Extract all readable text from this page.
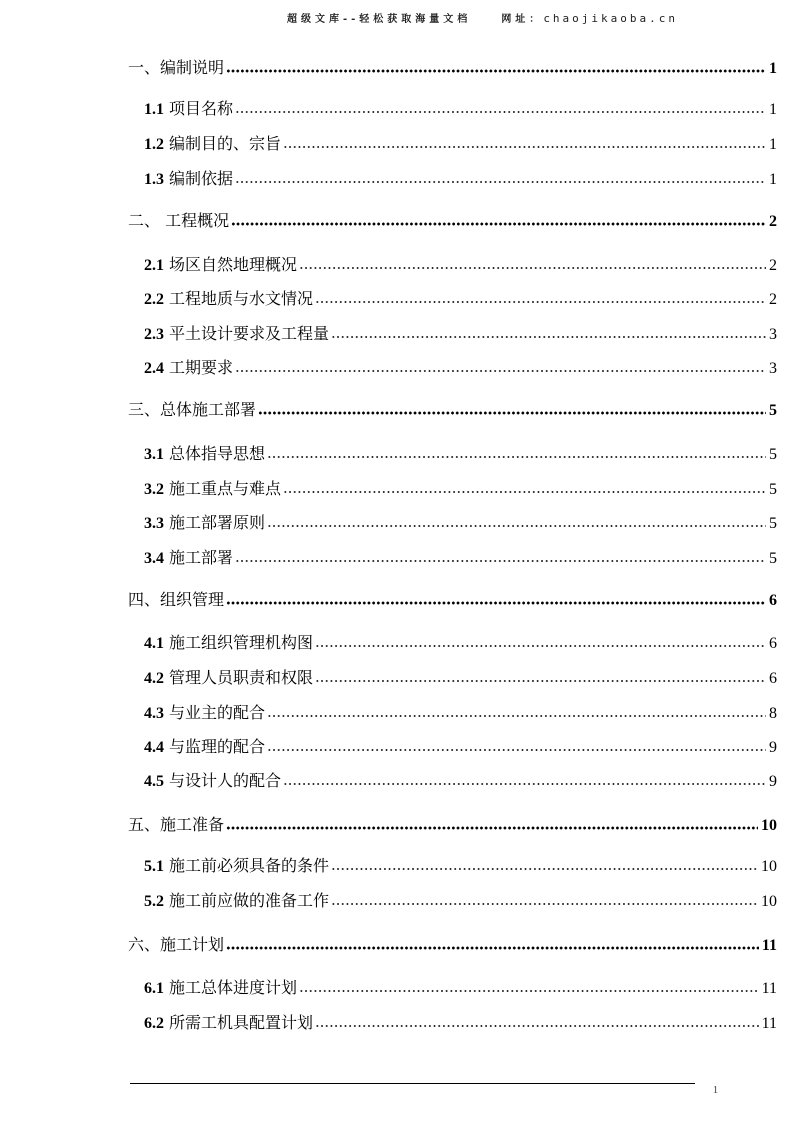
超级文库--轻松获取海量文档	网址：chaojikaoba.cn
一、编制说明	1
1.1 项目名称	1
1.2 编制目的、宗旨	1
1.3 编制依据	1
二、 工程概况	2
2.1 场区自然地理概况	2
2.2 工程地质与水文情况	2
2.3 平土设计要求及工程量	3
2.4 工期要求	3
三、总体施工部署	5
3.1 总体指导思想	5
3.2 施工重点与难点	5
3.3 施工部署原则	5
3.4 施工部署	5
四、组织管理	6
4.1 施工组织管理机构图	6
4.2 管理人员职责和权限	6
4.3 与业主的配合	8
4.4 与监理的配合	9
4.5 与设计人的配合	9
五、施工准备	10
5.1 施工前必须具备的条件	10
5.2 施工前应做的准备工作	10
六、施工计划	11
6.1 施工总体进度计划	11
6.2 所需工机具配置计划	11
1
